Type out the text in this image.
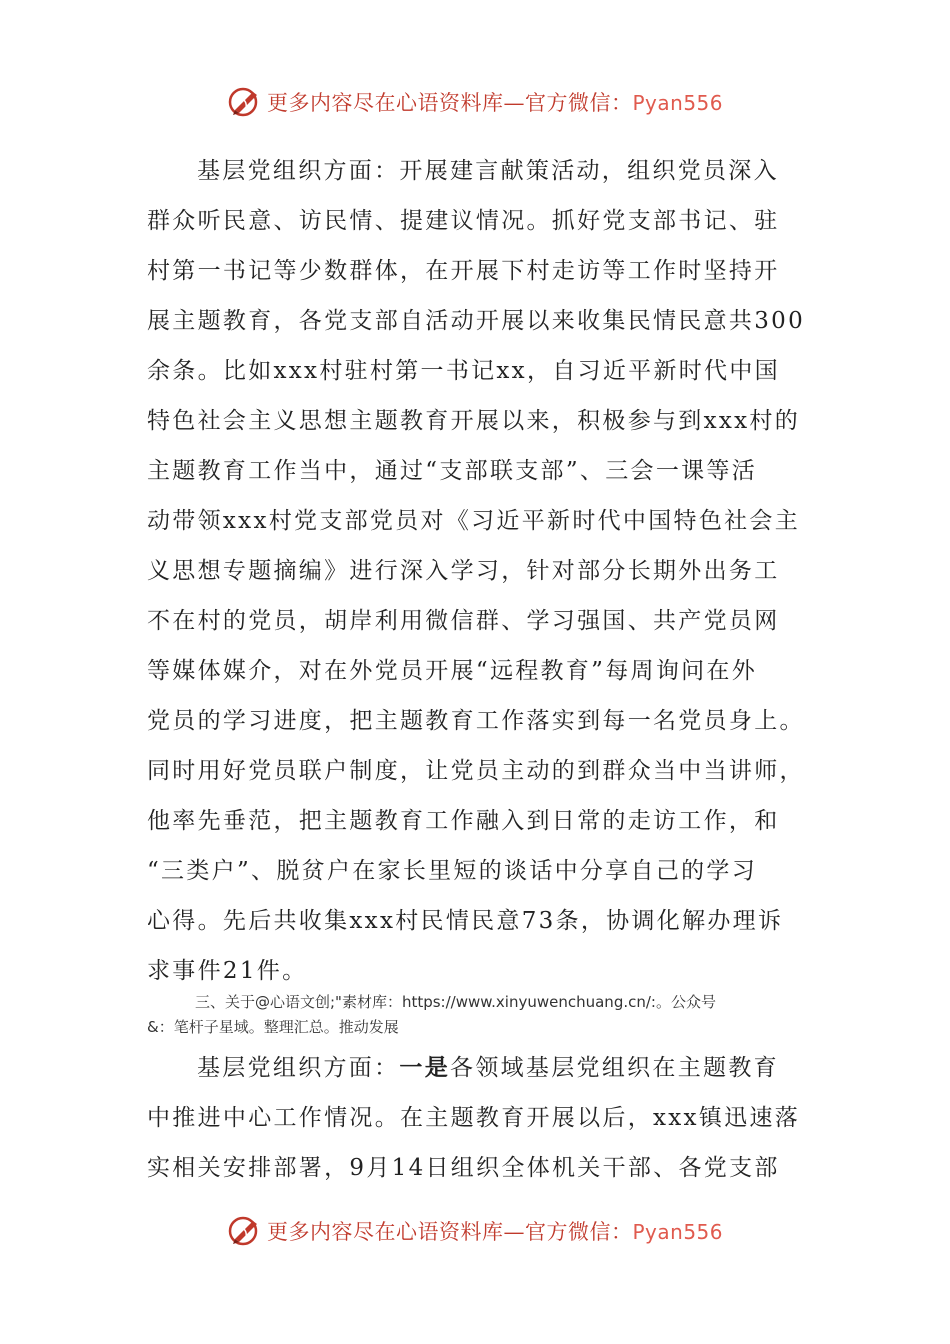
更多内容尽在心语资料库—官方微信：Pyan556
基层党组织方面：开展建言献策活动，组织党员深入
群众听民意、访民情、提建议情况。抓好党支部书记、驻
村第一书记等少数群体，在开展下村走访等工作时坚持开
展主题教育，各党支部自活动开展以来收集民情民意共300
余条。比如xxx村驻村第一书记xx，自习近平新时代中国
特色社会主义思想主题教育开展以来，积极参与到xxx村的
主题教育工作当中，通过“支部联支部”、三会一课等活
动带领xxx村党支部党员对《习近平新时代中国特色社会主
义思想专题摘编》进行深入学习，针对部分长期外出务工
不在村的党员，胡岸利用微信群、学习强国、共产党员网
等媒体媒介，对在外党员开展“远程教育”每周询问在外
党员的学习进度，把主题教育工作落实到每一名党员身上。
同时用好党员联户制度，让党员主动的到群众当中当讲师，
他率先垂范，把主题教育工作融入到日常的走访工作，和
“三类户”、脱贫户在家长里短的谈话中分享自己的学习
心得。先后共收集xxx村民情民意73条，协调化解办理诉
求事件21件。
三、关于@心语文创;"素材库：https://www.xinyuwenchuang.cn/:。公众号
&：笔杆子星域。整理汇总。推动发展
基层党组织方面：一是各领域基层党组织在主题教育
中推进中心工作情况。在主题教育开展以后，xxx镇迅速落
实相关安排部署，9月14日组织全体机关干部、各党支部
更多内容尽在心语资料库—官方微信：Pyan556
